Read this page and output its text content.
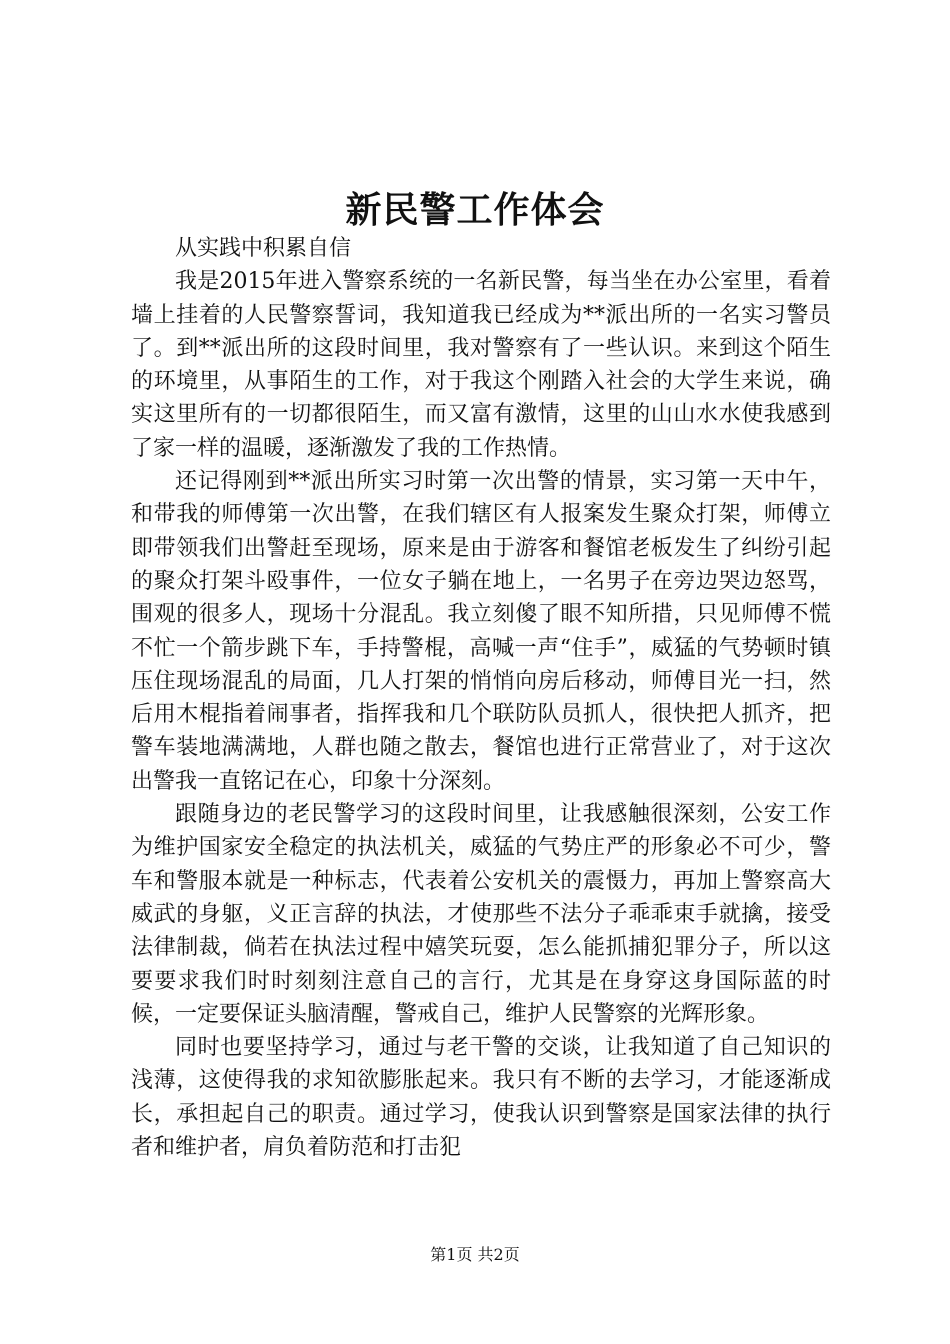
新民警工作体会

从实践中积累自信

我是2015年进入警察系统的一名新民警，每当坐在办公室里，看着墙上挂着的人民警察誓词，我知道我已经成为**派出所的一名实习警员了。到**派出所的这段时间里，我对警察有了一些认识。来到这个陌生的环境里，从事陌生的工作，对于我这个刚踏入社会的大学生来说，确实这里所有的一切都很陌生，而又富有激情，这里的山山水水使我感到了家一样的温暖，逐渐激发了我的工作热情。

还记得刚到**派出所实习时第一次出警的情景，实习第一天中午，和带我的师傅第一次出警，在我们辖区有人报案发生聚众打架，师傅立即带领我们出警赶至现场，原来是由于游客和餐馆老板发生了纠纷引起的聚众打架斗殴事件，一位女子躺在地上，一名男子在旁边哭边怒骂，围观的很多人，现场十分混乱。我立刻傻了眼不知所措，只见师傅不慌不忙一个箭步跳下车，手持警棍，高喊一声“住手”，威猛的气势顿时镇压住现场混乱的局面，几人打架的悄悄向房后移动，师傅目光一扫，然后用木棍指着闹事者，指挥我和几个联防队员抓人，很快把人抓齐，把警车装地满满地，人群也随之散去，餐馆也进行正常营业了，对于这次出警我一直铭记在心，印象十分深刻。

跟随身边的老民警学习的这段时间里，让我感触很深刻，公安工作为维护国家安全稳定的执法机关，威猛的气势庄严的形象必不可少，警车和警服本就是一种标志，代表着公安机关的震慑力，再加上警察高大威武的身躯，义正言辞的执法，才使那些不法分子乖乖束手就擒，接受法律制裁，倘若在执法过程中嬉笑玩耍，怎么能抓捕犯罪分子，所以这要要求我们时时刻刻注意自己的言行，尤其是在身穿这身国际蓝的时候，一定要保证头脑清醒，警戒自己，维护人民警察的光辉形象。

同时也要坚持学习，通过与老干警的交谈，让我知道了自己知识的浅薄，这使得我的求知欲膨胀起来。我只有不断的去学习，才能逐渐成长，承担起自己的职责。通过学习，使我认识到警察是国家法律的执行者和维护者，肩负着防范和打击犯

第1页 共2页
